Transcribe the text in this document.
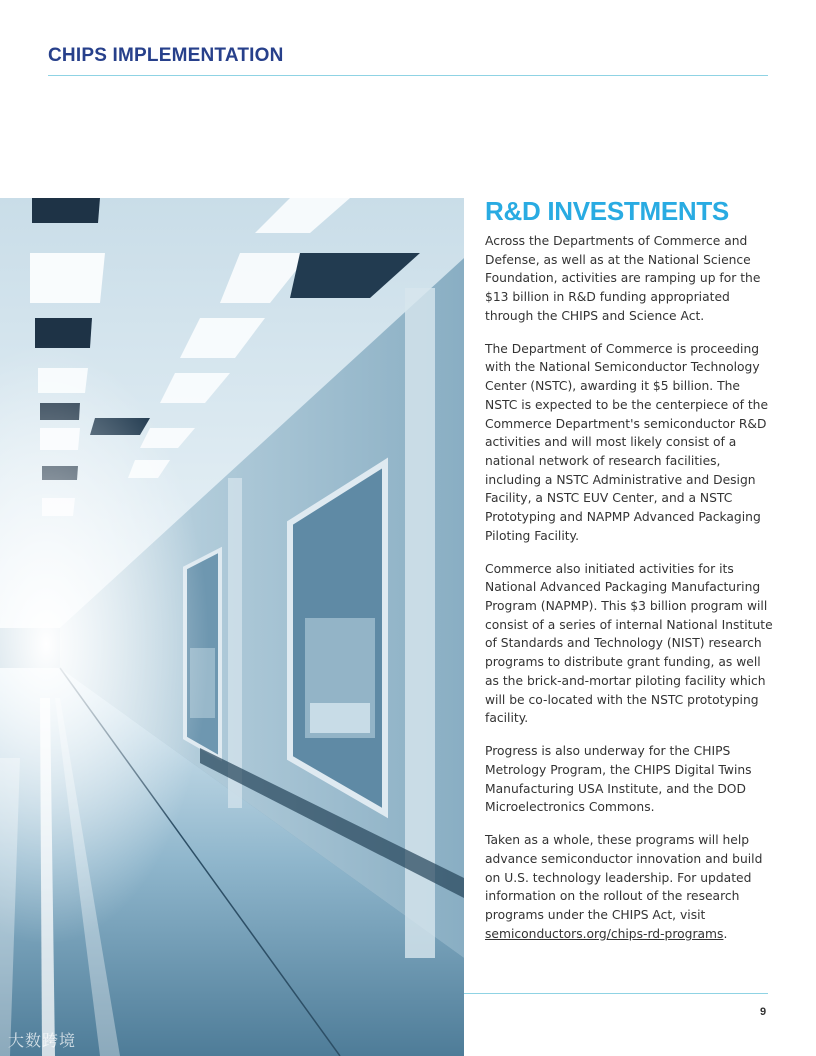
CHIPS IMPLEMENTATION
R&D INVESTMENTS

Across the Departments of Commerce and Defense, as well as at the National Science Foundation, activities are ramping up for the $13 billion in R&D funding appropriated through the CHIPS and Science Act.

The Department of Commerce is proceeding with the National Semiconductor Technology Center (NSTC), awarding it $5 billion. The NSTC is expected to be the centerpiece of the Commerce Department's semiconductor R&D activities and will most likely consist of a national network of research facilities, including a NSTC Administrative and Design Facility, a NSTC EUV Center, and a NSTC Prototyping and NAPMP Advanced Packaging Piloting Facility.

Commerce also initiated activities for its National Advanced Packaging Manufacturing Program (NAPMP). This $3 billion program will consist of a series of internal National Institute of Standards and Technology (NIST) research programs to distribute grant funding, as well as the brick-and-mortar piloting facility which will be co-located with the NSTC prototyping facility.

Progress is also underway for the CHIPS Metrology Program, the CHIPS Digital Twins Manufacturing USA Institute, and the DOD Microelectronics Commons.

Taken as a whole, these programs will help advance semiconductor innovation and build on U.S. technology leadership. For updated information on the rollout of the research programs under the CHIPS Act, visit semiconductors.org/chips-rd-programs.

9
大数跨境
